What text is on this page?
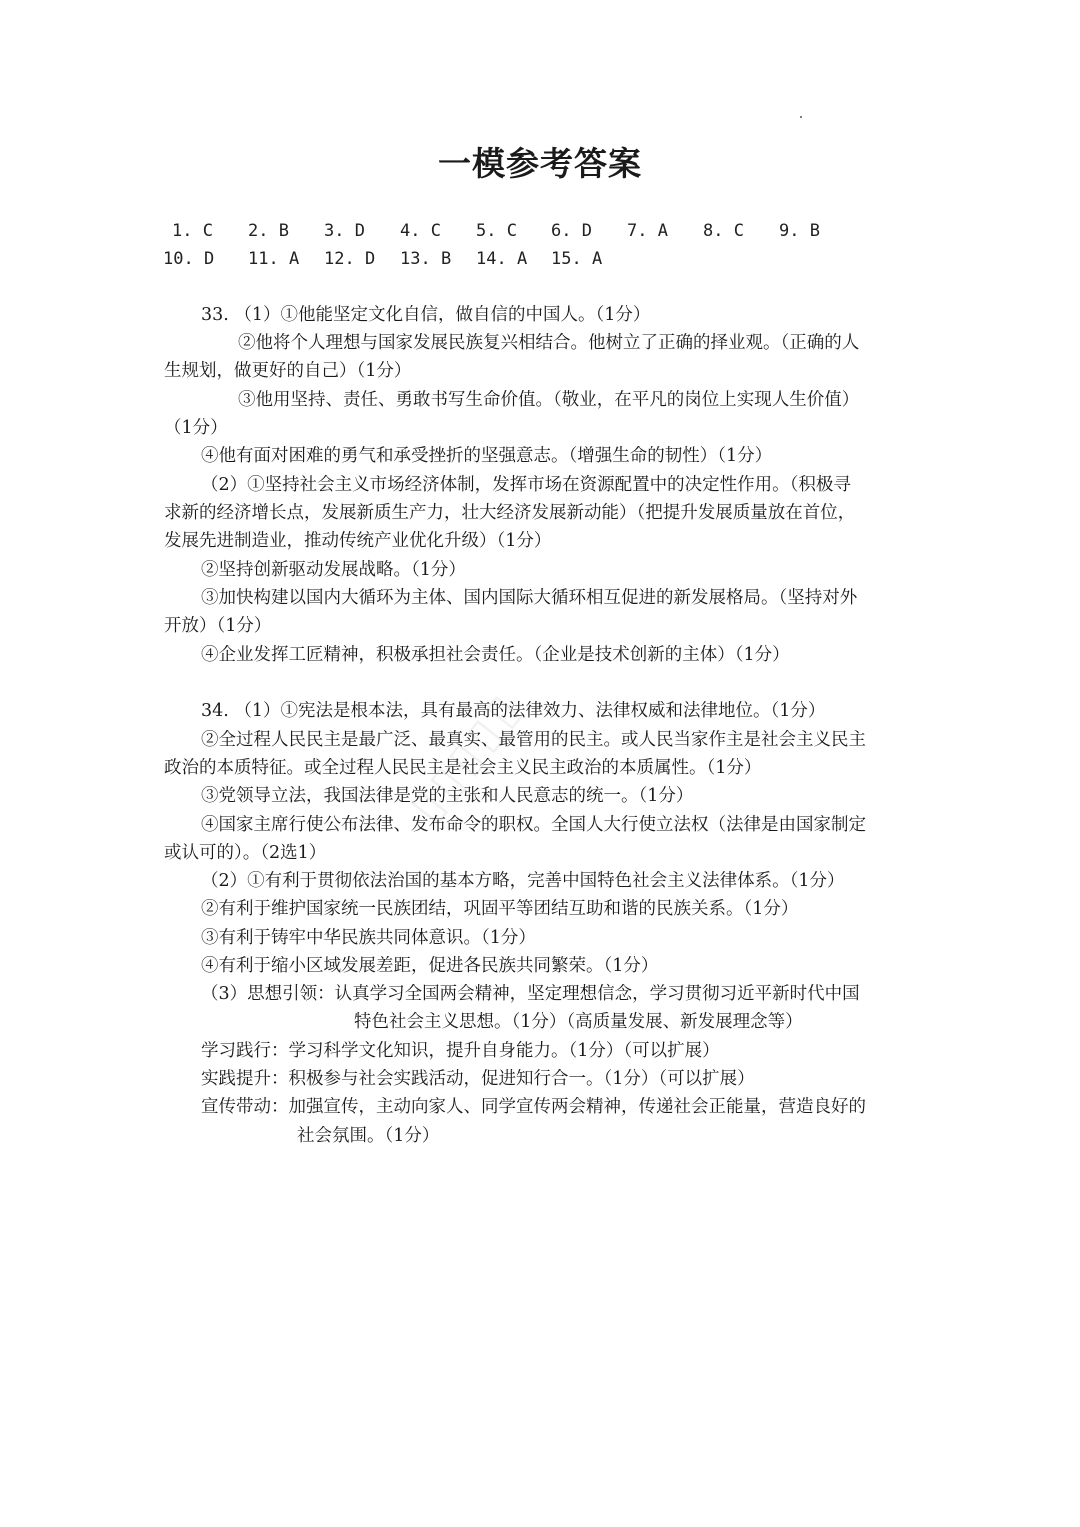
▯▯▯▯▯
一模参考答案
1. C 2. B 3. D 4. C 5. C 6. D 7. A 8. C 9. B
10. D 11. A 12. D 13. B 14. A 15. A
33. （1）①他能坚定文化自信，做自信的中国人。（1分）
②他将个人理想与国家发展民族复兴相结合。他树立了正确的择业观。（正确的人
生规划，做更好的自己）（1分）
③他用坚持、责任、勇敢书写生命价值。（敬业，在平凡的岗位上实现人生价值）
（1分）
④他有面对困难的勇气和承受挫折的坚强意志。（增强生命的韧性）（1分）
（2）①坚持社会主义市场经济体制，发挥市场在资源配置中的决定性作用。（积极寻
求新的经济增长点，发展新质生产力，壮大经济发展新动能）（把提升发展质量放在首位，
发展先进制造业，推动传统产业优化升级）（1分）
②坚持创新驱动发展战略。（1分）
③加快构建以国内大循环为主体、国内国际大循环相互促进的新发展格局。（坚持对外
开放）（1分）
④企业发挥工匠精神，积极承担社会责任。（企业是技术创新的主体）（1分）
34. （1）①宪法是根本法，具有最高的法律效力、法律权威和法律地位。（1分）
②全过程人民民主是最广泛、最真实、最管用的民主。或人民当家作主是社会主义民主
政治的本质特征。或全过程人民民主是社会主义民主政治的本质属性。（1分）
③党领导立法，我国法律是党的主张和人民意志的统一。（1分）
④国家主席行使公布法律、发布命令的职权。全国人大行使立法权（法律是由国家制定
或认可的）。（2选1）
（2）①有利于贯彻依法治国的基本方略，完善中国特色社会主义法律体系。（1分）
②有利于维护国家统一民族团结，巩固平等团结互助和谐的民族关系。（1分）
③有利于铸牢中华民族共同体意识。（1分）
④有利于缩小区域发展差距，促进各民族共同繁荣。（1分）
（3）思想引领：认真学习全国两会精神，坚定理想信念，学习贯彻习近平新时代中国
特色社会主义思想。（1分）（高质量发展、新发展理念等）
学习践行：学习科学文化知识，提升自身能力。（1分）（可以扩展）
实践提升：积极参与社会实践活动，促进知行合一。（1分）（可以扩展）
宣传带动：加强宣传，主动向家人、同学宣传两会精神，传递社会正能量，营造良好的
社会氛围。（1分）
